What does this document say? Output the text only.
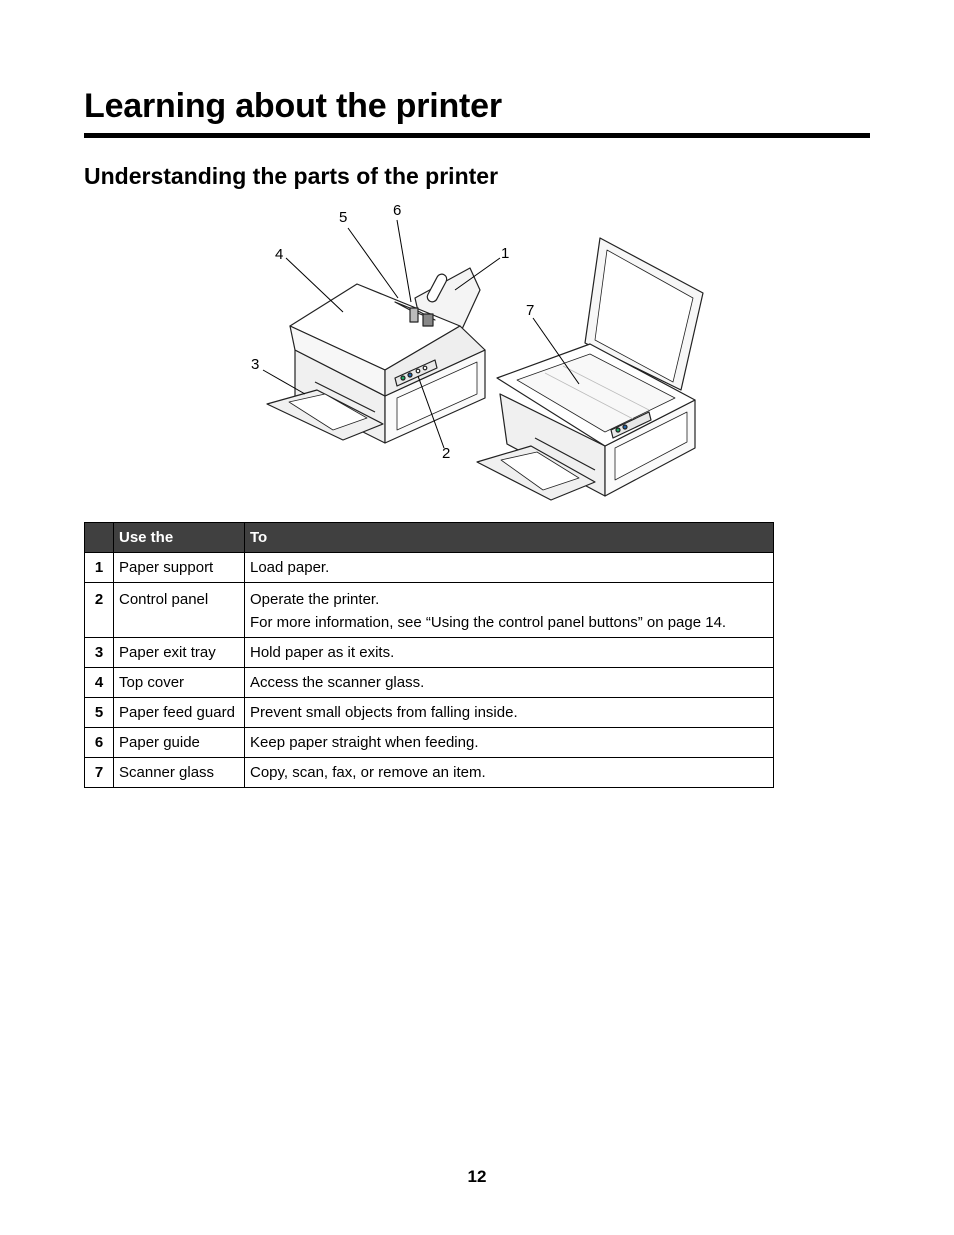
Learning about the printer
Understanding the parts of the printer
5	6
4	1
7
3
2
	Use the	To
1	Paper support	Load paper.
2	Control panel	Operate the printer.
For more information, see “Using the control panel buttons” on page 14.

3	Paper exit tray	Hold paper as it exits.
4	Top cover	Access the scanner glass.
5	Paper feed guard	Prevent small objects from falling inside.
6	Paper guide	Keep paper straight when feeding.
7	Scanner glass	Copy, scan, fax, or remove an item.
12
